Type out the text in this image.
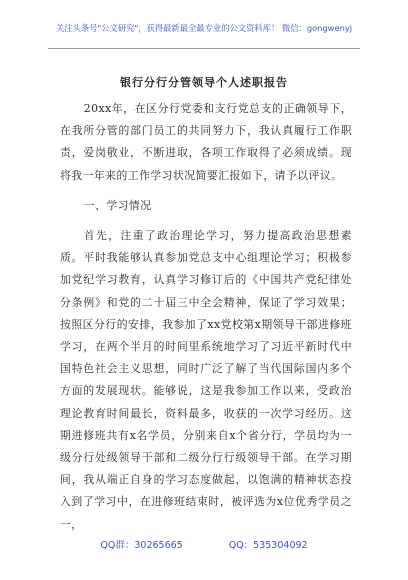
关注头条号"公文研究"，获得最新最全最专业的公文资料库！ 微信：gongwenyj
银行分行分管领导个人述职报告

20xx年，在区分行党委和支行党总支的正确领导下，在我所分管的部门员工的共同努力下，我认真履行工作职责，爱岗敬业，不断进取，各项工作取得了必须成绩。现将我一年来的工作学习状况简要汇报如下，请予以评议。

一、学习情况

首先，注重了政治理论学习，努力提高政治思想素质。平时我能够认真参加党总支中心组理论学习；积极参加党纪学习教育，认真学习修订后的《中国共产党纪律处分条例》和党的二十届三中全会精神，保证了学习效果；按照区分行的安排，我参加了xx党校第x期领导干部进修班学习，在两个半月的时间里系统地学习了习近平新时代中国特色社会主义思想，同时广泛了解了当代国际国内多个方面的发展现状。能够说，这是我参加工作以来，受政治理论教育时间最长，资料最多，收获的一次学习经历。这期进修班共有x名学员，分别来自x个省分行，学员均为一级分行处级领导干部和二级分行行级领导干部。在学习期间，我从端正自身的学习态度做起，以饱满的精神状态投入到了学习中，在进修班结束时，被评选为x位优秀学员之一，

QQ群：30265665	QQ：535304092
